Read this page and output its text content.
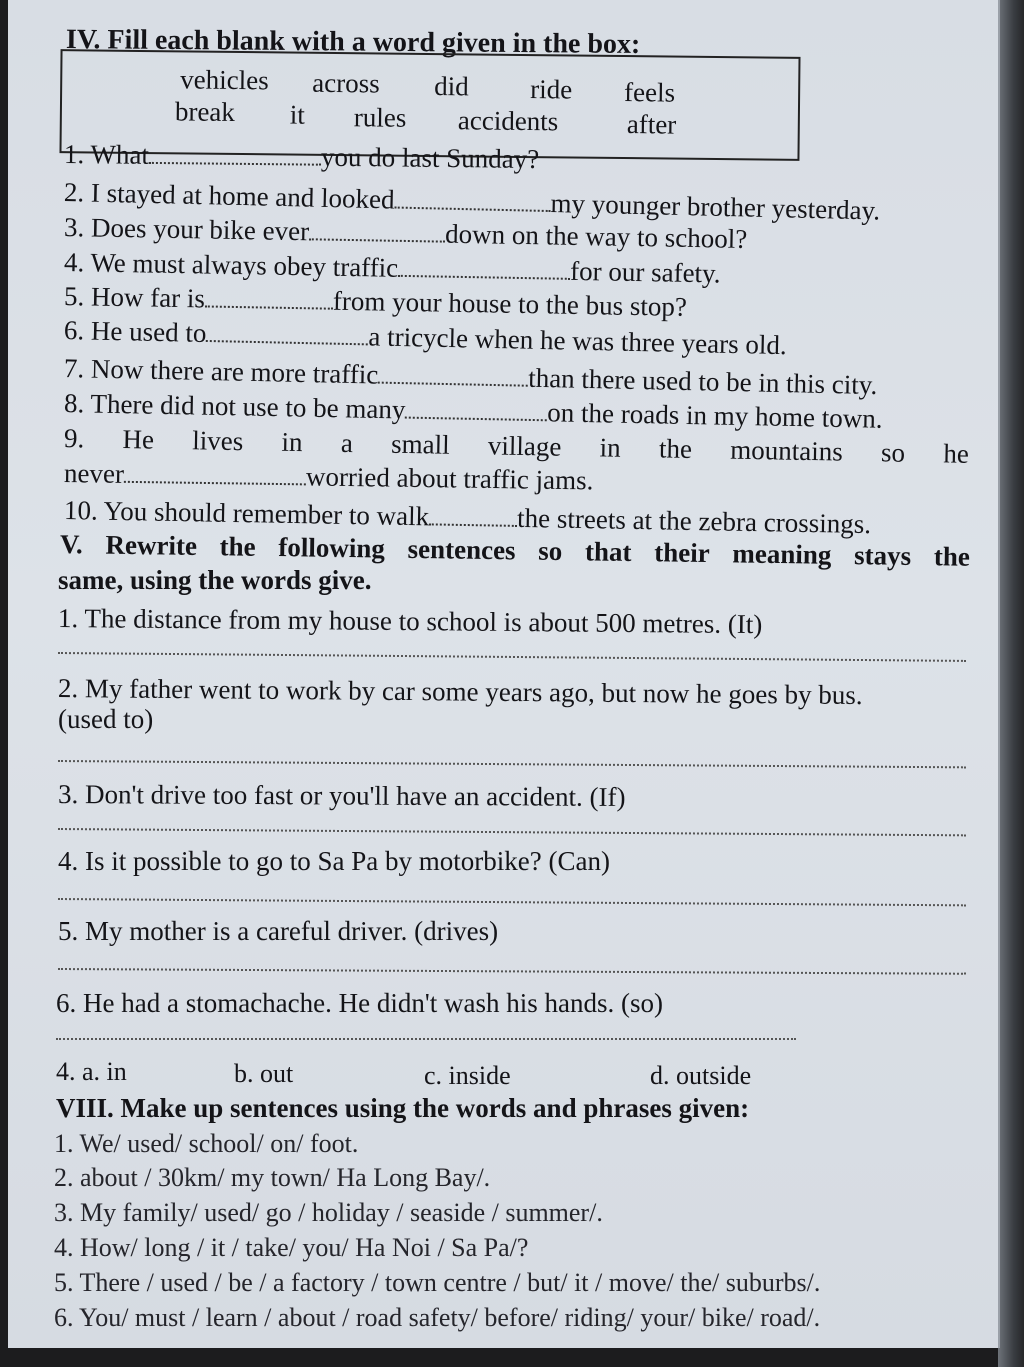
IV. Fill each blank with a word given in the box:
vehicles across did ride feels
break it rules accidents	after
1. What	you do last Sunday?
2. I stayed at home and looked	my younger brother yesterday.
3. Does your bike ever	down on the way to school?
4. We must always obey traffic	for our safety.
5. How far is	from your house to the bus stop?
6. He used to	a tricycle when he was three years old.
7. Now there are more traffic	than there used to be in this city.
8. There did not use to be many	on the roads in my home town.
9. He lives in a small village in the mountains so he
never	worried about traffic jams.
10. You should remember to walk	the streets at the zebra crossings.
V. Rewrite the following sentences so that their meaning stays the
same, using the words give.
1. The distance from my house to school is about 500 metres. (It)
2. My father went to work by car some years ago, but now he goes by bus.
(used to)
3. Don't drive too fast or you'll have an accident. (If)
4. Is it possible to go to Sa Pa by motorbike? (Can)
5. My mother is a careful driver. (drives)
6. He had a stomachache. He didn't wash his hands. (so)
4. a. in	b. out	c. inside	d. outside
VIII. Make up sentences using the words and phrases given:
1. We/ used/ school/ on/ foot.
2. about / 30km/ my town/ Ha Long Bay/.
3. My family/ used/ go / holiday / seaside / summer/.
4. How/ long / it / take/ you/ Ha Noi / Sa Pa/?
5. There / used / be / a factory / town centre / but/ it / move/ the/ suburbs/.
6. You/ must / learn / about / road safety/ before/ riding/ your/ bike/ road/.
